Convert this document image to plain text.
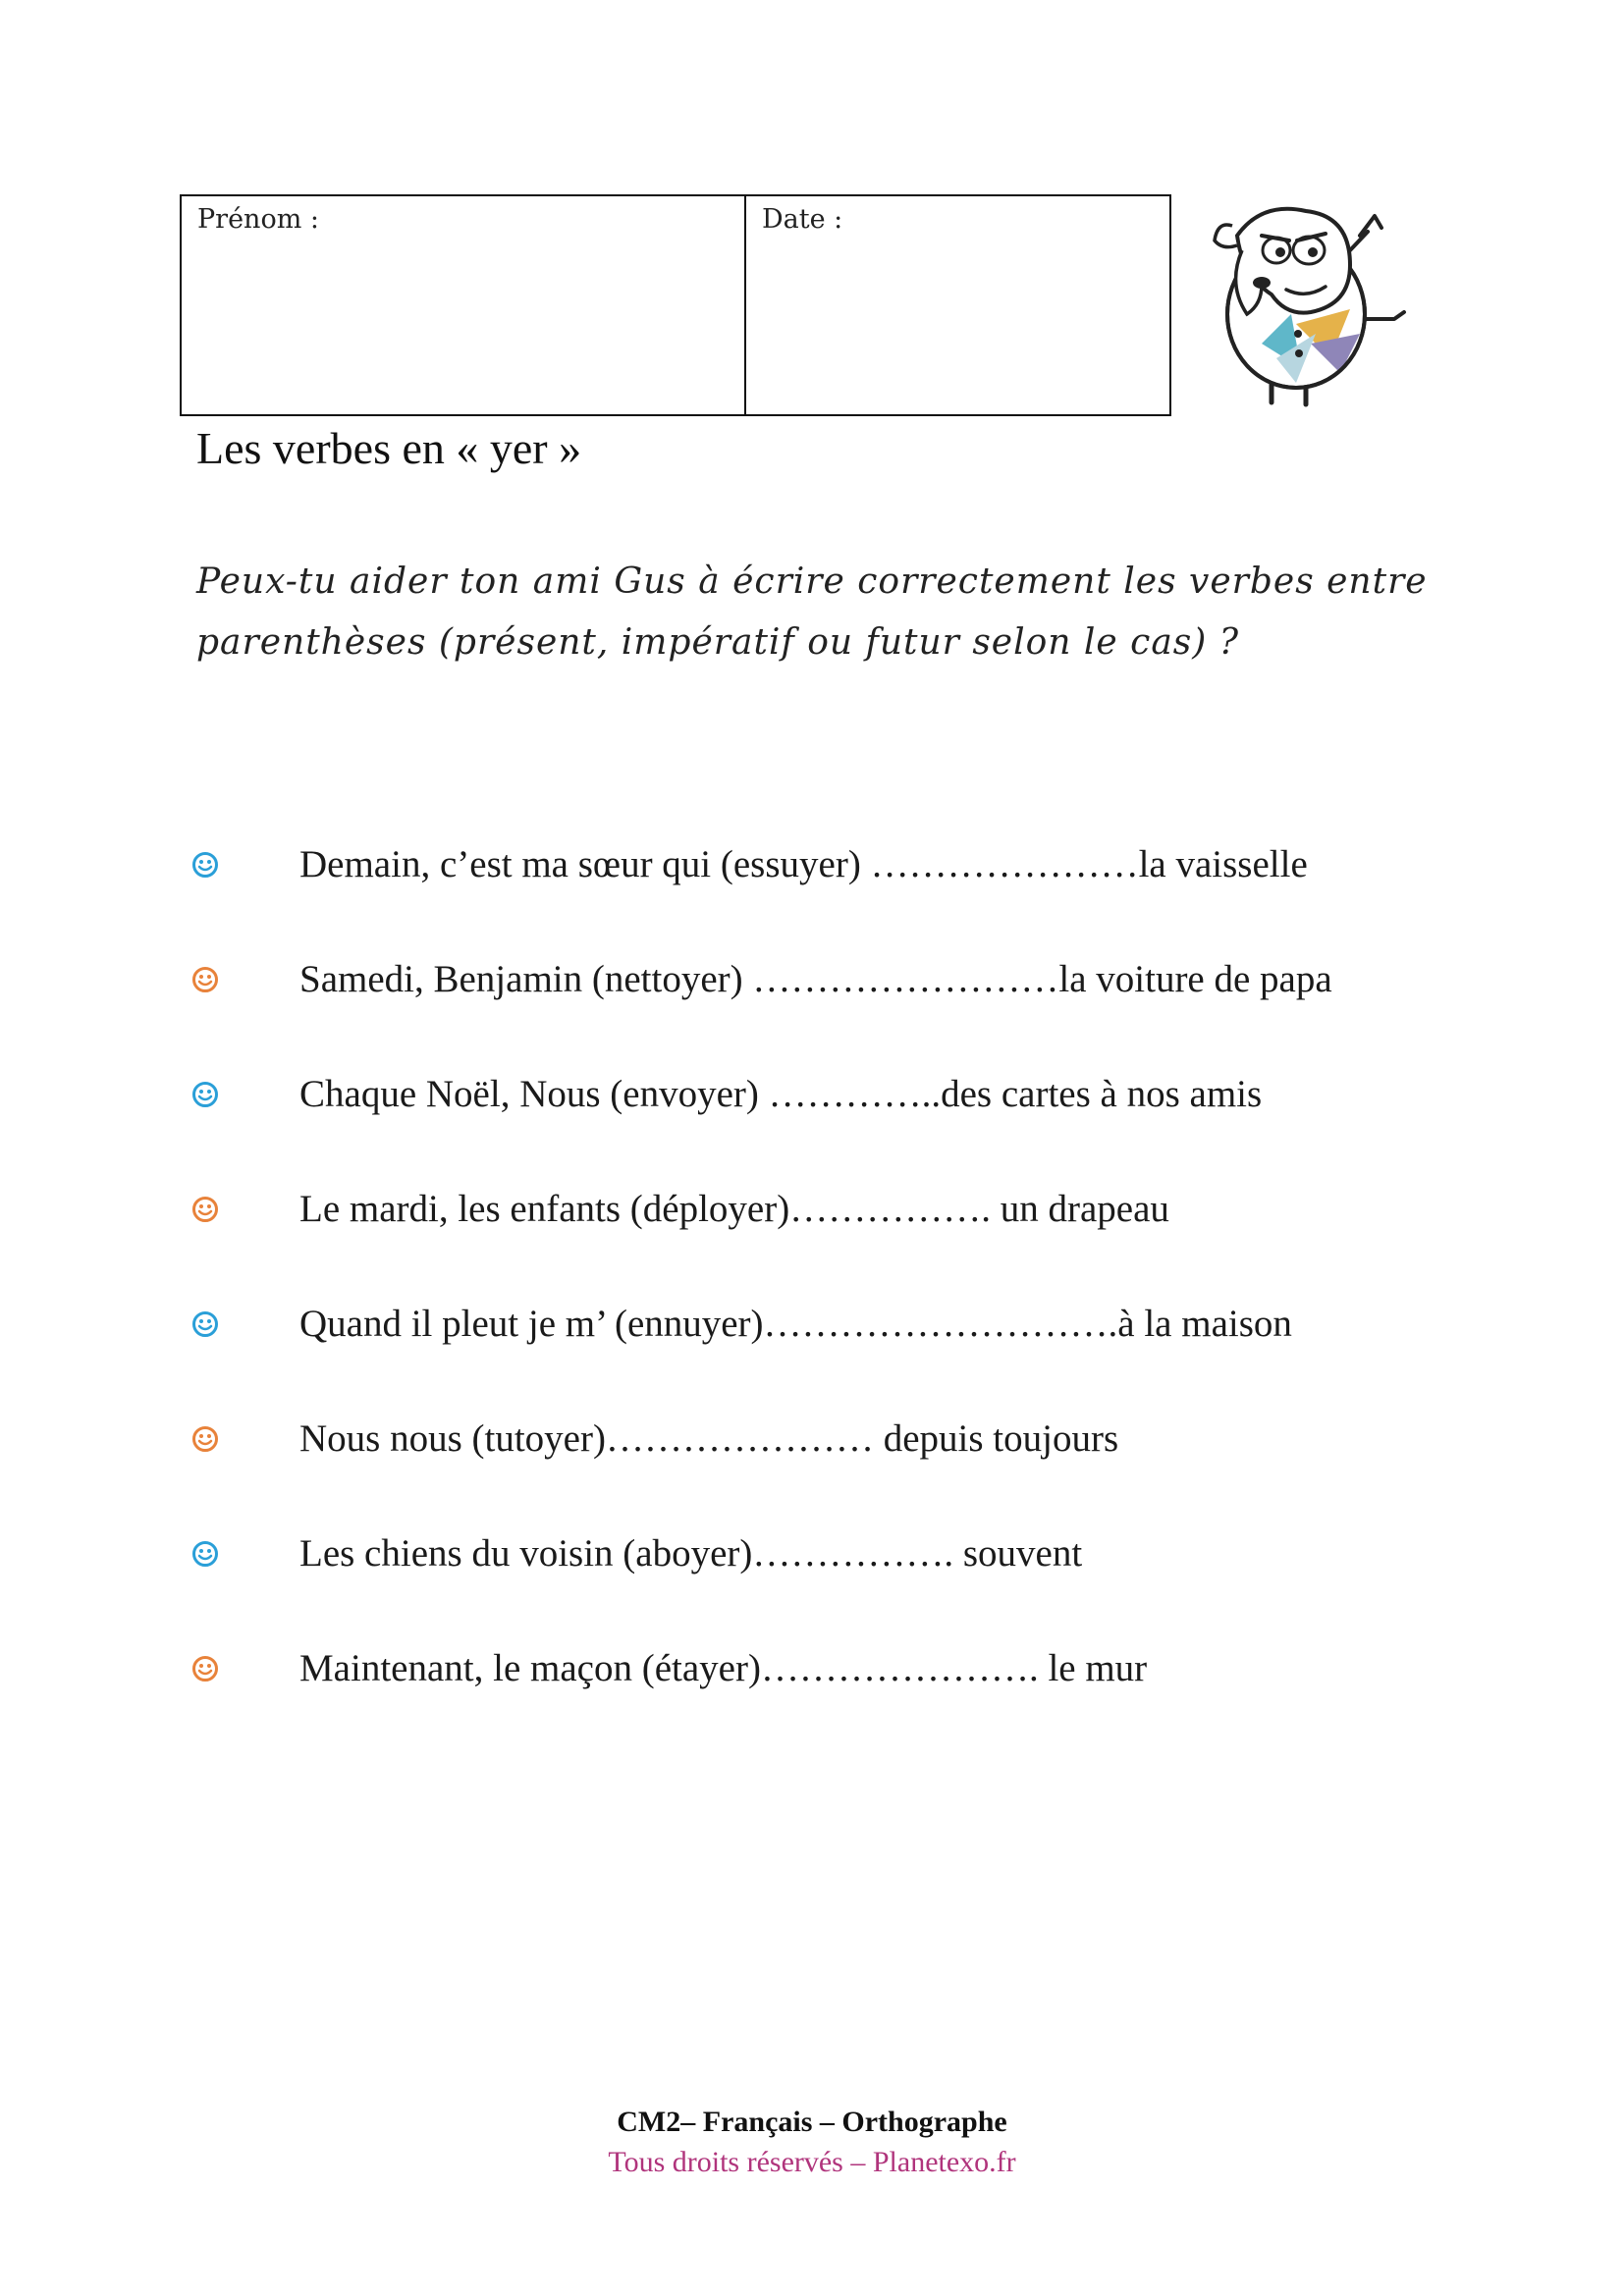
Prénom :	Date :
Les verbes en « yer »
Peux-tu aider ton ami Gus à écrire correctement les verbes entre parenthèses (présent, impératif ou futur selon le cas) ?
Demain, c’est ma sœur qui (essuyer) …………………la vaisselle
Samedi, Benjamin (nettoyer) ……………………la voiture de papa
Chaque Noël, Nous (envoyer) …………..des cartes à nos amis
Le mardi, les enfants (déployer)……………. un drapeau
Quand il pleut je m’ (ennuyer)……………………….à la maison
Nous nous (tutoyer)………………… depuis toujours
Les chiens du voisin (aboyer)……………. souvent
Maintenant, le maçon (étayer)…………………. le mur
CM2– Français – Orthographe
Tous droits réservés – Planetexo.fr
